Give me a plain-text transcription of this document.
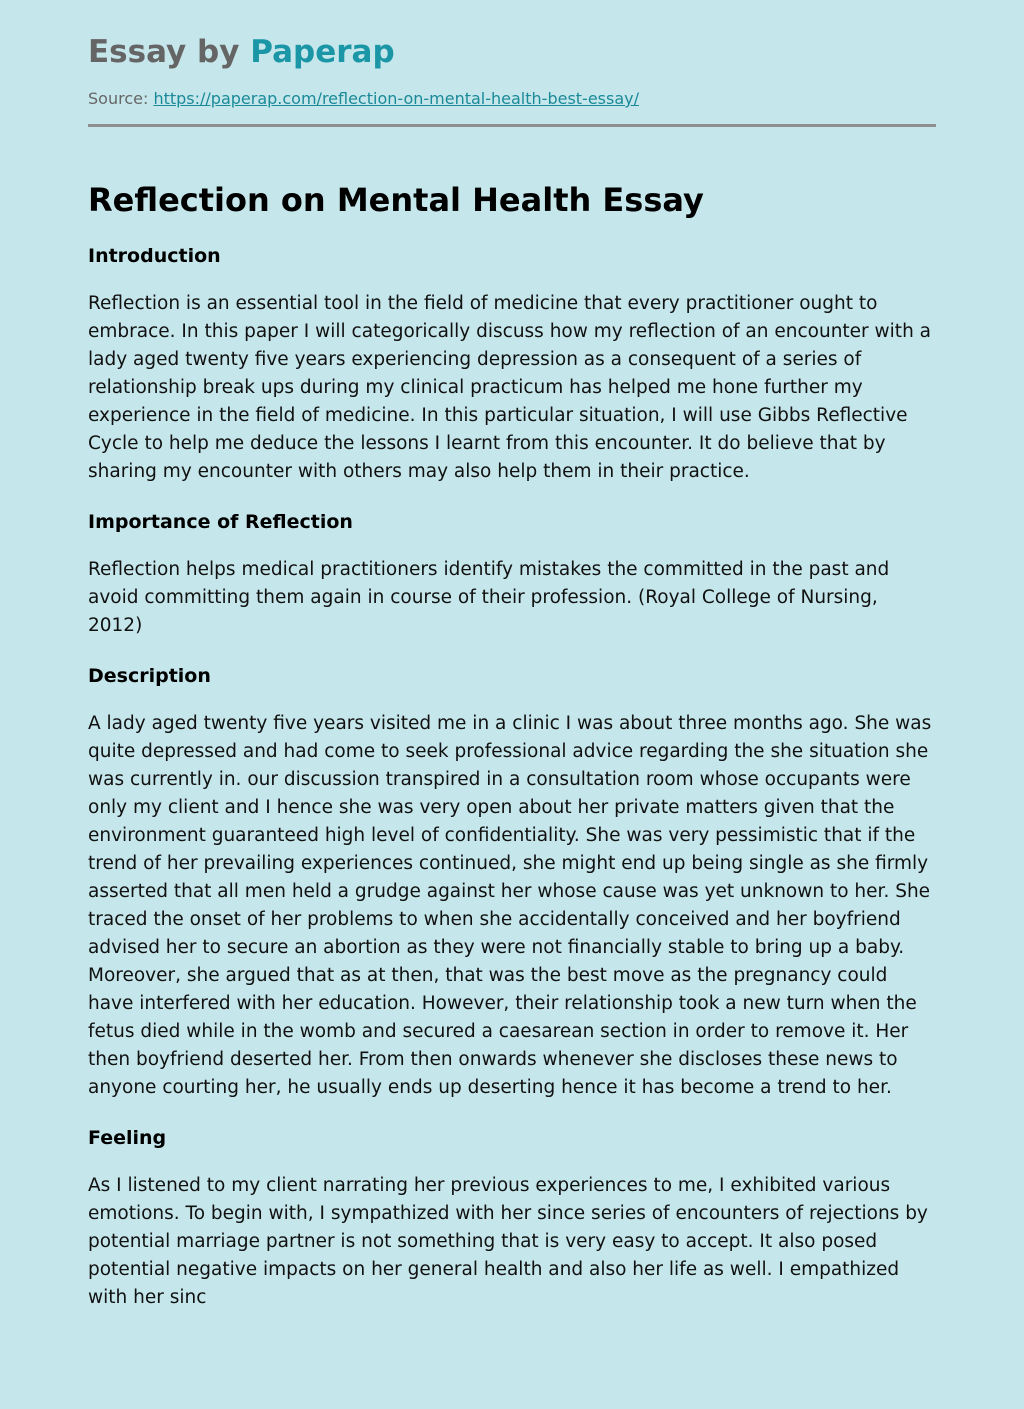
Essay by Paperap
Source: https://paperap.com/reflection-on-mental-health-best-essay/
Reflection on Mental Health Essay
Introduction

Reflection is an essential tool in the field of medicine that every practitioner ought to embrace. In this paper I will categorically discuss how my reflection of an encounter with a lady aged twenty five years experiencing depression as a consequent of a series of relationship break ups during my clinical practicum has helped me hone further my experience in the field of medicine. In this particular situation, I will use Gibbs Reflective Cycle to help me deduce the lessons I learnt from this encounter. It do believe that by sharing my encounter with others may also help them in their practice.

Importance of Reflection

Reflection helps medical practitioners identify mistakes the committed in the past and avoid committing them again in course of their profession. (Royal College of Nursing, 2012)

Description

A lady aged twenty five years visited me in a clinic I was about three months ago. She was quite depressed and had come to seek professional advice regarding the she situation she was currently in. our discussion transpired in a consultation room whose occupants were only my client and I hence she was very open about her private matters given that the environment guaranteed high level of confidentiality. She was very pessimistic that if the trend of her prevailing experiences continued, she might end up being single as she firmly asserted that all men held a grudge against her whose cause was yet unknown to her. She traced the onset of her problems to when she accidentally conceived and her boyfriend advised her to secure an abortion as they were not financially stable to bring up a baby. Moreover, she argued that as at then, that was the best move as the pregnancy could have interfered with her education. However, their relationship took a new turn when the fetus died while in the womb and secured a caesarean section in order to remove it. Her then boyfriend deserted her. From then onwards whenever she discloses these news to anyone courting her, he usually ends up deserting hence it has become a trend to her.

Feeling

As I listened to my client narrating her previous experiences to me, I exhibited various emotions. To begin with, I sympathized with her since series of encounters of rejections by potential marriage partner is not something that is very easy to accept. It also posed potential negative impacts on her general health and also her life as well. I empathized with her sinc
